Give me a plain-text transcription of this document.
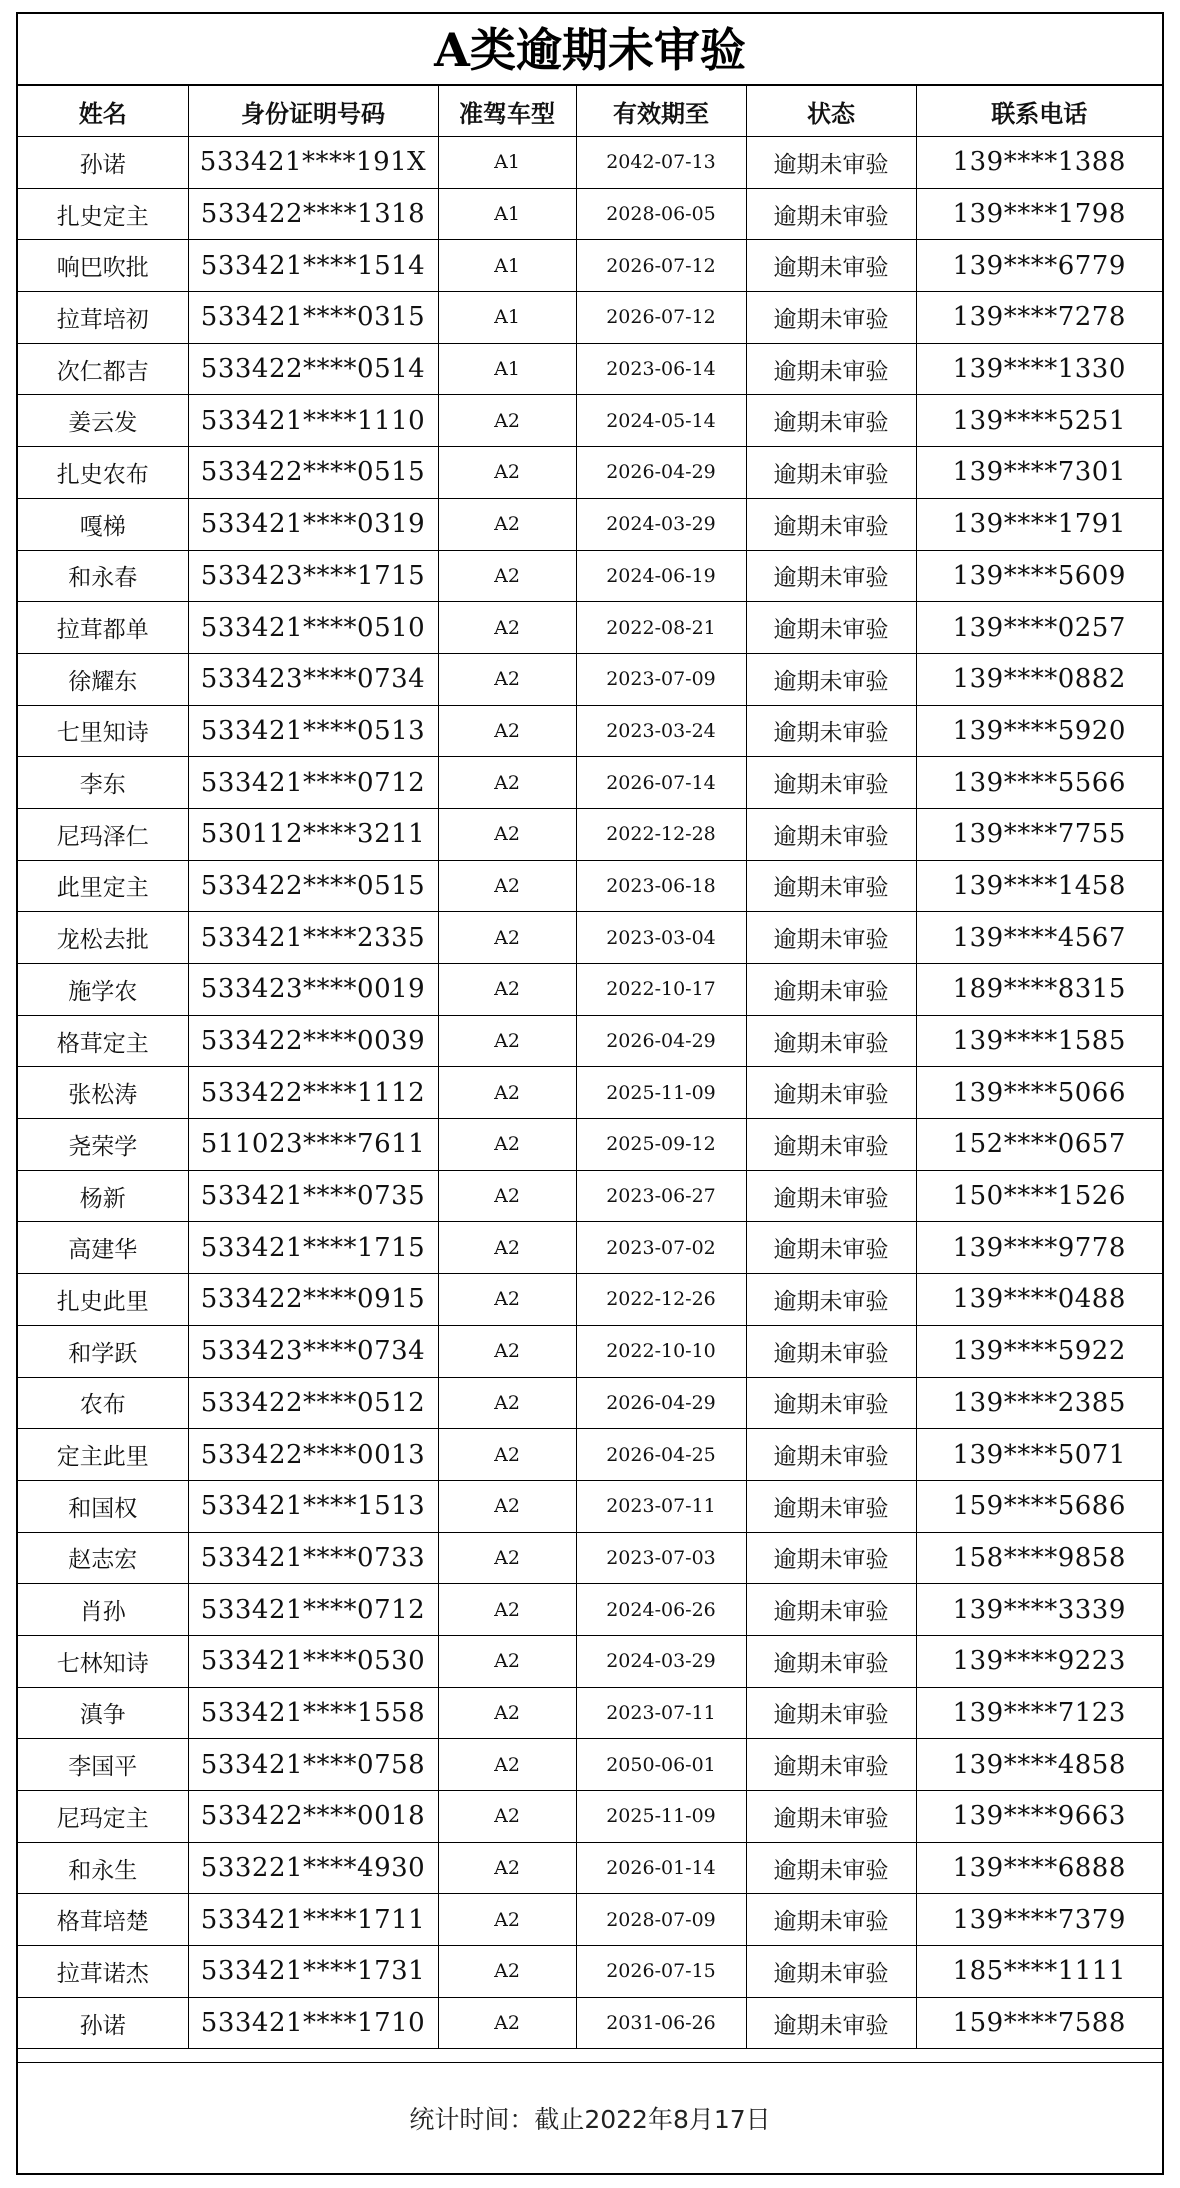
A类逾期未审验
姓名	身份证明号码	准驾车型	有效期至	状态	联系电话
孙诺	533421****191X	A1	2042-07-13	逾期未审验	139****1388
扎史定主	533422****1318	A1	2028-06-05	逾期未审验	139****1798
响巴吹批	533421****1514	A1	2026-07-12	逾期未审验	139****6779
拉茸培初	533421****0315	A1	2026-07-12	逾期未审验	139****7278
次仁都吉	533422****0514	A1	2023-06-14	逾期未审验	139****1330
姜云发	533421****1110	A2	2024-05-14	逾期未审验	139****5251
扎史农布	533422****0515	A2	2026-04-29	逾期未审验	139****7301
嘎梯	533421****0319	A2	2024-03-29	逾期未审验	139****1791
和永春	533423****1715	A2	2024-06-19	逾期未审验	139****5609
拉茸都单	533421****0510	A2	2022-08-21	逾期未审验	139****0257
徐耀东	533423****0734	A2	2023-07-09	逾期未审验	139****0882
七里知诗	533421****0513	A2	2023-03-24	逾期未审验	139****5920
李东	533421****0712	A2	2026-07-14	逾期未审验	139****5566
尼玛泽仁	530112****3211	A2	2022-12-28	逾期未审验	139****7755
此里定主	533422****0515	A2	2023-06-18	逾期未审验	139****1458
龙松去批	533421****2335	A2	2023-03-04	逾期未审验	139****4567
施学农	533423****0019	A2	2022-10-17	逾期未审验	189****8315
格茸定主	533422****0039	A2	2026-04-29	逾期未审验	139****1585
张松涛	533422****1112	A2	2025-11-09	逾期未审验	139****5066
尧荣学	511023****7611	A2	2025-09-12	逾期未审验	152****0657
杨新	533421****0735	A2	2023-06-27	逾期未审验	150****1526
高建华	533421****1715	A2	2023-07-02	逾期未审验	139****9778
扎史此里	533422****0915	A2	2022-12-26	逾期未审验	139****0488
和学跃	533423****0734	A2	2022-10-10	逾期未审验	139****5922
农布	533422****0512	A2	2026-04-29	逾期未审验	139****2385
定主此里	533422****0013	A2	2026-04-25	逾期未审验	139****5071
和国权	533421****1513	A2	2023-07-11	逾期未审验	159****5686
赵志宏	533421****0733	A2	2023-07-03	逾期未审验	158****9858
肖孙	533421****0712	A2	2024-06-26	逾期未审验	139****3339
七林知诗	533421****0530	A2	2024-03-29	逾期未审验	139****9223
滇争	533421****1558	A2	2023-07-11	逾期未审验	139****7123
李国平	533421****0758	A2	2050-06-01	逾期未审验	139****4858
尼玛定主	533422****0018	A2	2025-11-09	逾期未审验	139****9663
和永生	533221****4930	A2	2026-01-14	逾期未审验	139****6888
格茸培楚	533421****1711	A2	2028-07-09	逾期未审验	139****7379
拉茸诺杰	533421****1731	A2	2026-07-15	逾期未审验	185****1111
孙诺	533421****1710	A2	2031-06-26	逾期未审验	159****7588
统计时间：截止2022年8月17日
